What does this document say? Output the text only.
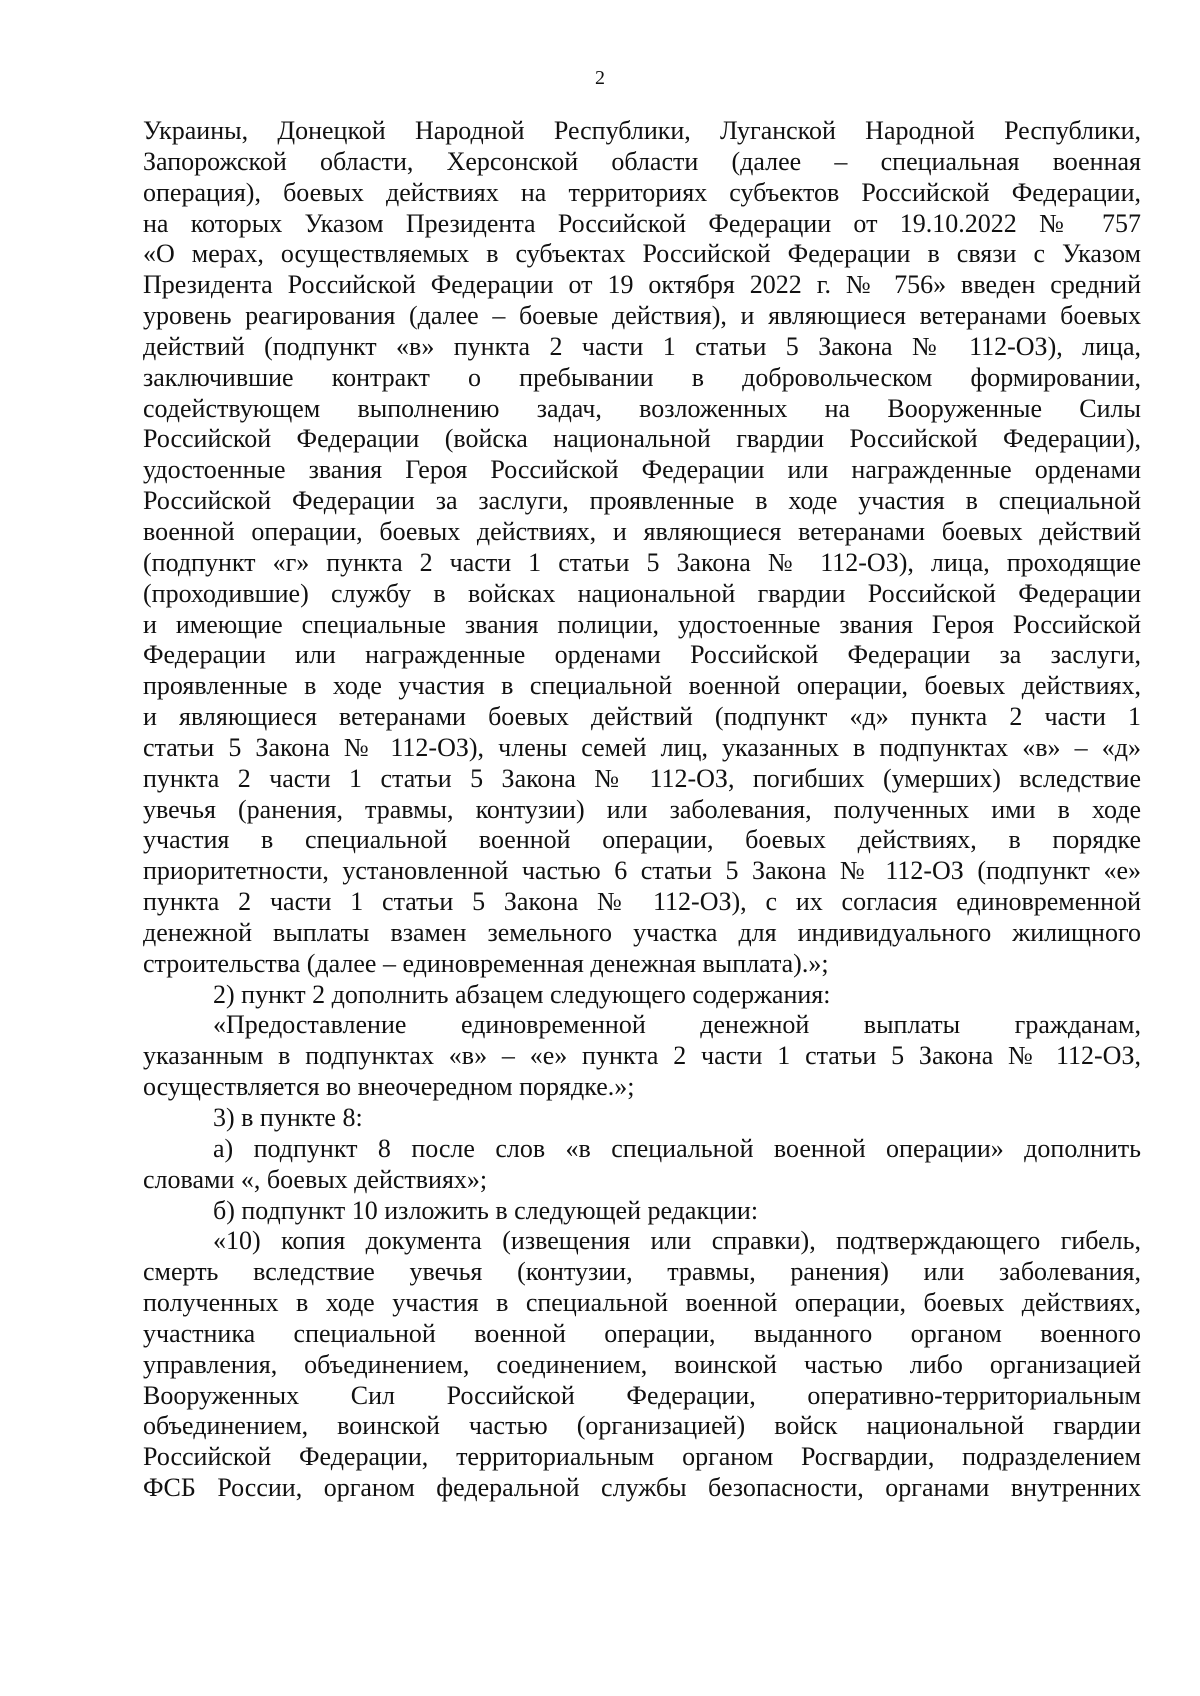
2
Украины, Донецкой Народной Республики, Луганской Народной Республики,
Запорожской области, Херсонской области (далее – специальная военная
операция), боевых действиях на территориях субъектов Российской Федерации,
на которых Указом Президента Российской Федерации от 19.10.2022 № 757
«О мерах, осуществляемых в субъектах Российской Федерации в связи с Указом
Президента Российской Федерации от 19 октября 2022 г. № 756» введен средний
уровень реагирования (далее – боевые действия), и являющиеся ветеранами боевых
действий (подпункт «в» пункта 2 части 1 статьи 5 Закона № 112-ОЗ), лица,
заключившие контракт о пребывании в добровольческом формировании,
содействующем выполнению задач, возложенных на Вооруженные Силы
Российской Федерации (войска национальной гвардии Российской Федерации),
удостоенные звания Героя Российской Федерации или награжденные орденами
Российской Федерации за заслуги, проявленные в ходе участия в специальной
военной операции, боевых действиях, и являющиеся ветеранами боевых действий
(подпункт «г» пункта 2 части 1 статьи 5 Закона № 112-ОЗ), лица, проходящие
(проходившие) службу в войсках национальной гвардии Российской Федерации
и имеющие специальные звания полиции, удостоенные звания Героя Российской
Федерации или награжденные орденами Российской Федерации за заслуги,
проявленные в ходе участия в специальной военной операции, боевых действиях,
и являющиеся ветеранами боевых действий (подпункт «д» пункта 2 части 1
статьи 5 Закона № 112-ОЗ), члены семей лиц, указанных в подпунктах «в» – «д»
пункта 2 части 1 статьи 5 Закона № 112-ОЗ, погибших (умерших) вследствие
увечья (ранения, травмы, контузии) или заболевания, полученных ими в ходе
участия в специальной военной операции, боевых действиях, в порядке
приоритетности, установленной частью 6 статьи 5 Закона № 112-ОЗ (подпункт «е»
пункта 2 части 1 статьи 5 Закона № 112-ОЗ), с их согласия единовременной
денежной выплаты взамен земельного участка для индивидуального жилищного
строительства (далее – единовременная денежная выплата).»;
2) пункт 2 дополнить абзацем следующего содержания:
«Предоставление единовременной денежной выплаты гражданам,
указанным в подпунктах «в» – «е» пункта 2 части 1 статьи 5 Закона № 112-ОЗ,
осуществляется во внеочередном порядке.»;
3) в пункте 8:
а) подпункт 8 после слов «в специальной военной операции» дополнить
словами «, боевых действиях»;
б) подпункт 10 изложить в следующей редакции:
«10) копия документа (извещения или справки), подтверждающего гибель,
смерть вследствие увечья (контузии, травмы, ранения) или заболевания,
полученных в ходе участия в специальной военной операции, боевых действиях,
участника специальной военной операции, выданного органом военного
управления, объединением, соединением, воинской частью либо организацией
Вооруженных Сил Российской Федерации, оперативно-территориальным
объединением, воинской частью (организацией) войск национальной гвардии
Российской Федерации, территориальным органом Росгвардии, подразделением
ФСБ России, органом федеральной службы безопасности, органами внутренних
